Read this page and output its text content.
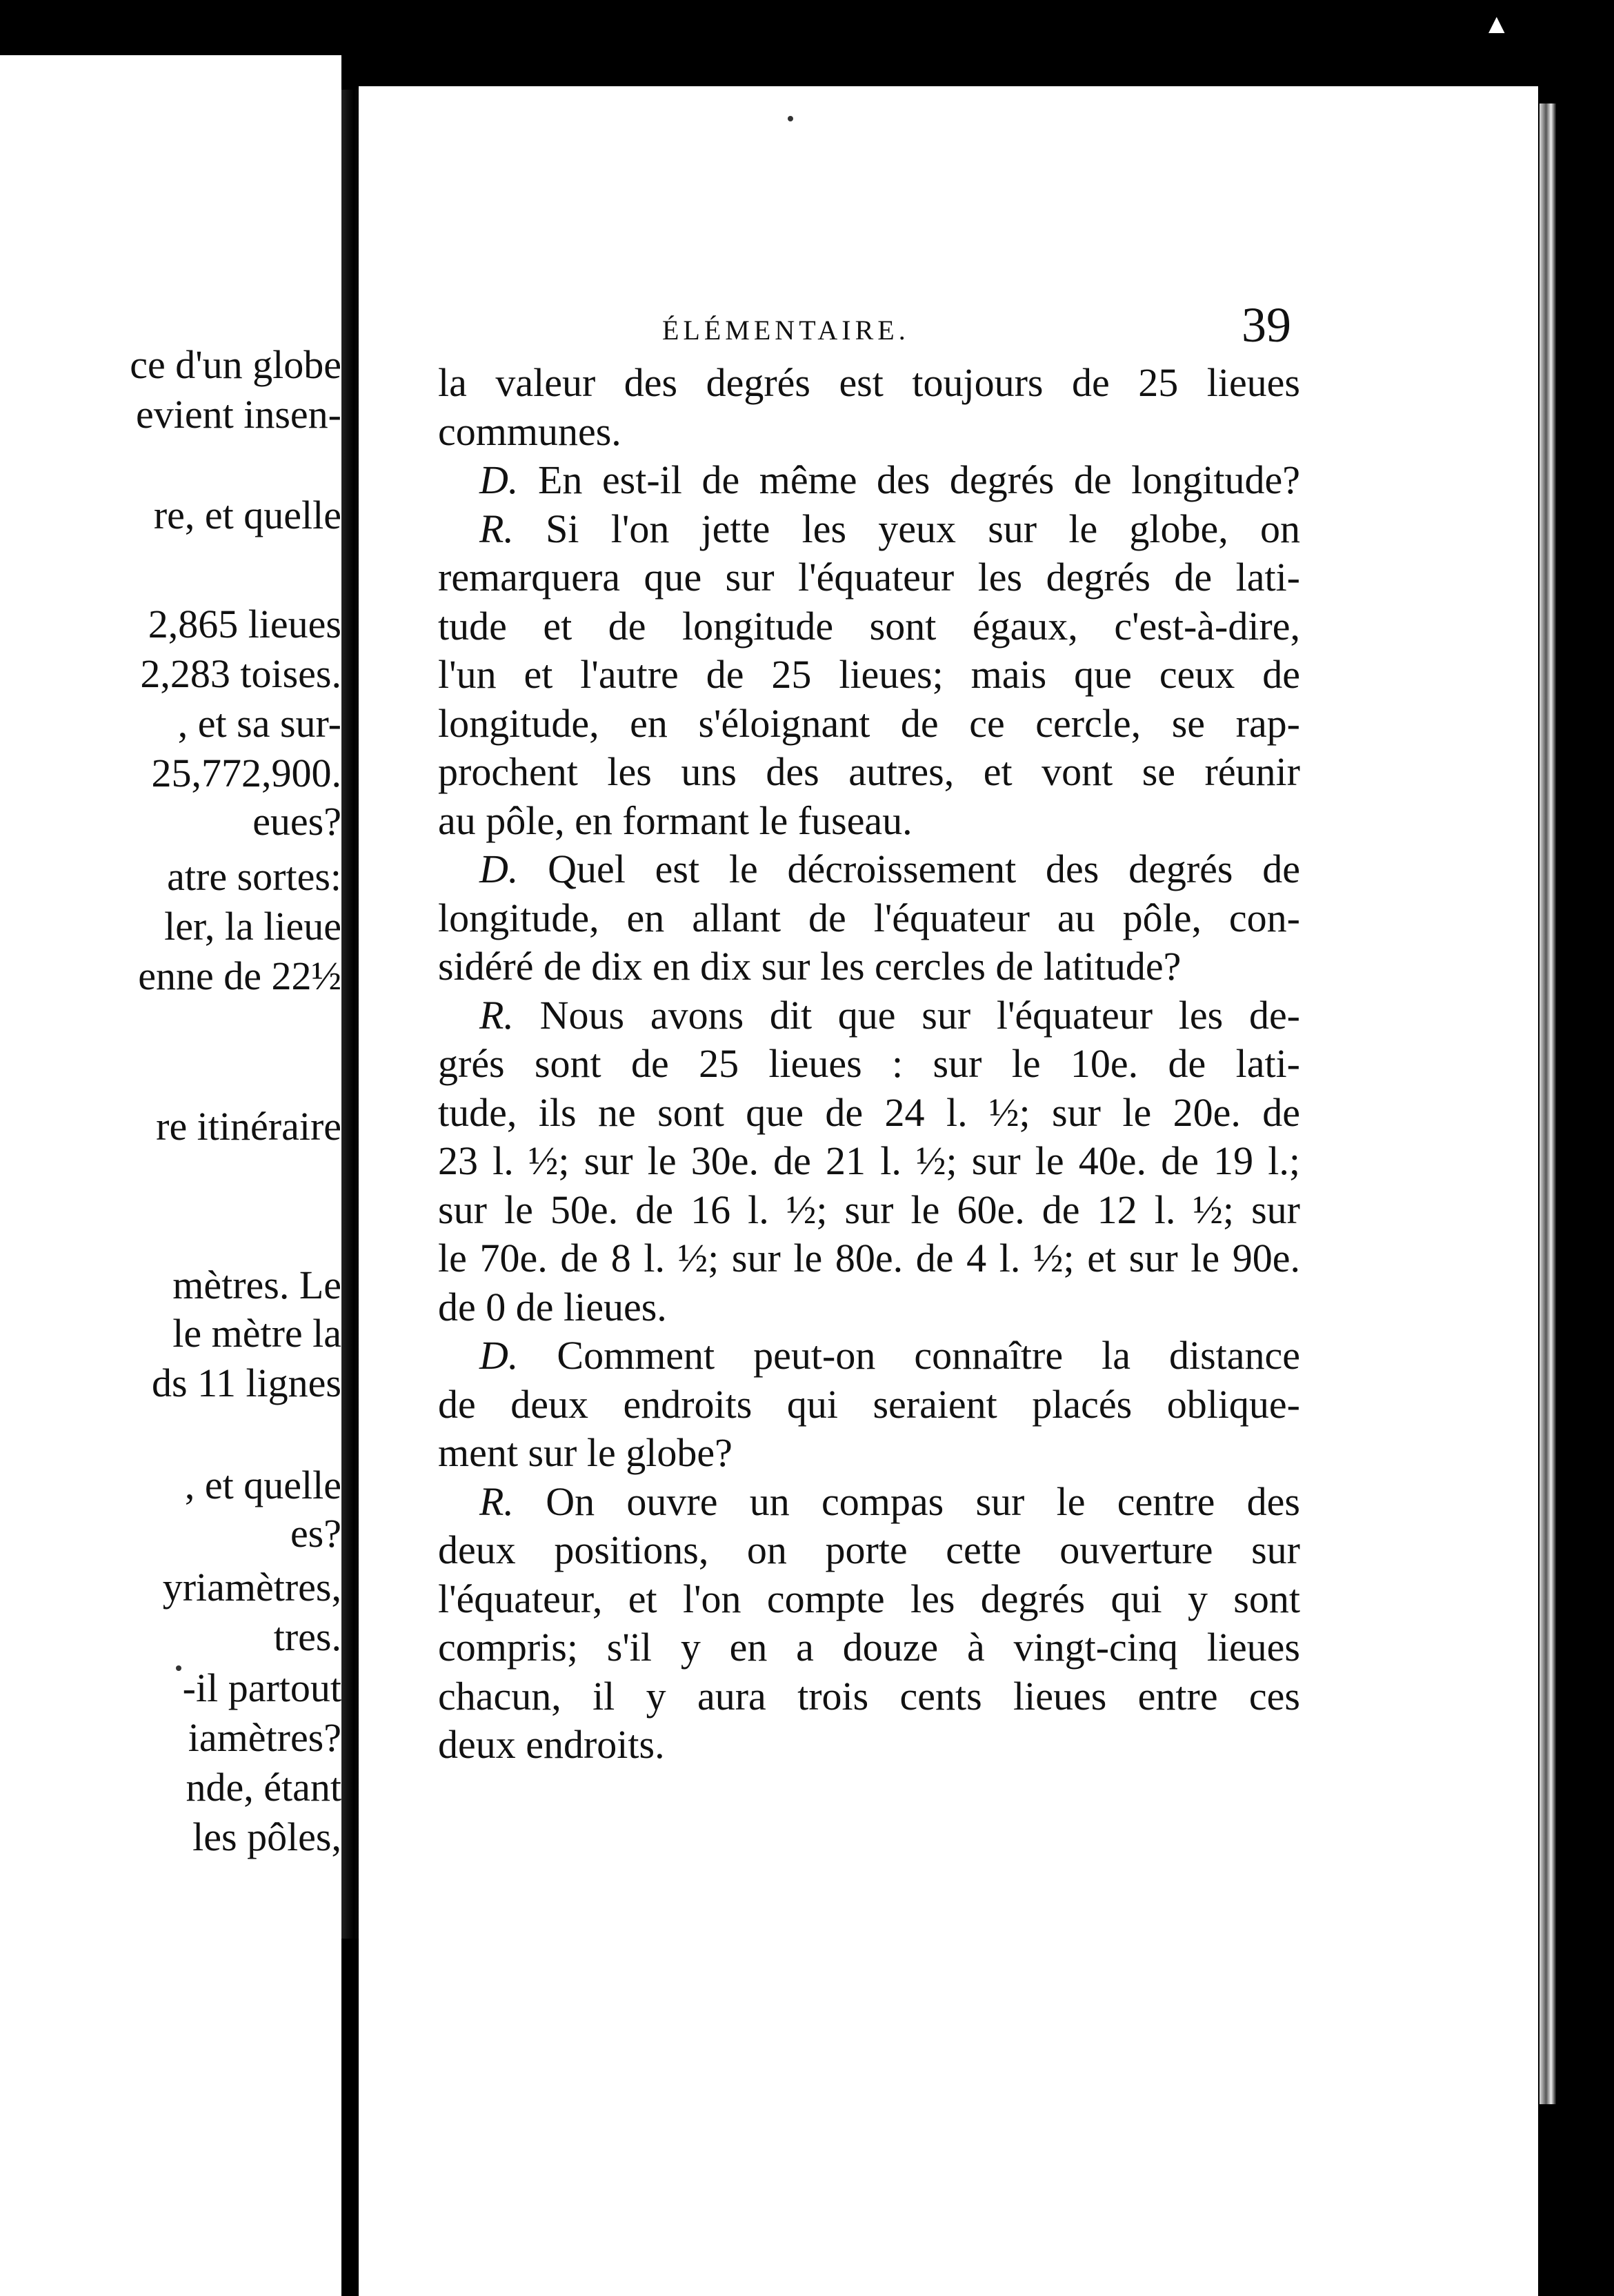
ce d'un globe
evient insen-
re, et quelle
2,865 lieues
2,283 toises.
, et sa sur-
25,772,900.
eues?
atre sortes:
ler, la lieue
enne de 22½
re itinéraire
mètres. Le
le mètre la
ds 11 lignes
, et quelle
es?
yriamètres,
tres.
-il partout
iamètres?
nde, étant
les pôles,
▲
ÉLÉMENTAIRE.	39
la valeur des degrés est toujours de 25 lieues
communes.
D. En est-il de même des degrés de longitude?
R. Si l'on jette les yeux sur le globe, on
remarquera que sur l'équateur les degrés de lati-
tude et de longitude sont égaux, c'est-à-dire,
l'un et l'autre de 25 lieues; mais que ceux de
longitude, en s'éloignant de ce cercle, se rap-
prochent les uns des autres, et vont se réunir
au pôle, en formant le fuseau.
D. Quel est le décroissement des degrés de
longitude, en allant de l'équateur au pôle, con-
sidéré de dix en dix sur les cercles de latitude?
R. Nous avons dit que sur l'équateur les de-
grés sont de 25 lieues : sur le 10e. de lati-
tude, ils ne sont que de 24 l. ½; sur le 20e. de
23 l. ½; sur le 30e. de 21 l. ½; sur le 40e. de 19 l.;
sur le 50e. de 16 l. ½; sur le 60e. de 12 l. ½; sur
le 70e. de 8 l. ½; sur le 80e. de 4 l. ½; et sur le 90e.
de 0 de lieues.
D. Comment peut-on connaître la distance
de deux endroits qui seraient placés oblique-
ment sur le globe?
R. On ouvre un compas sur le centre des
deux positions, on porte cette ouverture sur
l'équateur, et l'on compte les degrés qui y sont
compris; s'il y en a douze à vingt-cinq lieues
chacun, il y aura trois cents lieues entre ces
deux endroits.
